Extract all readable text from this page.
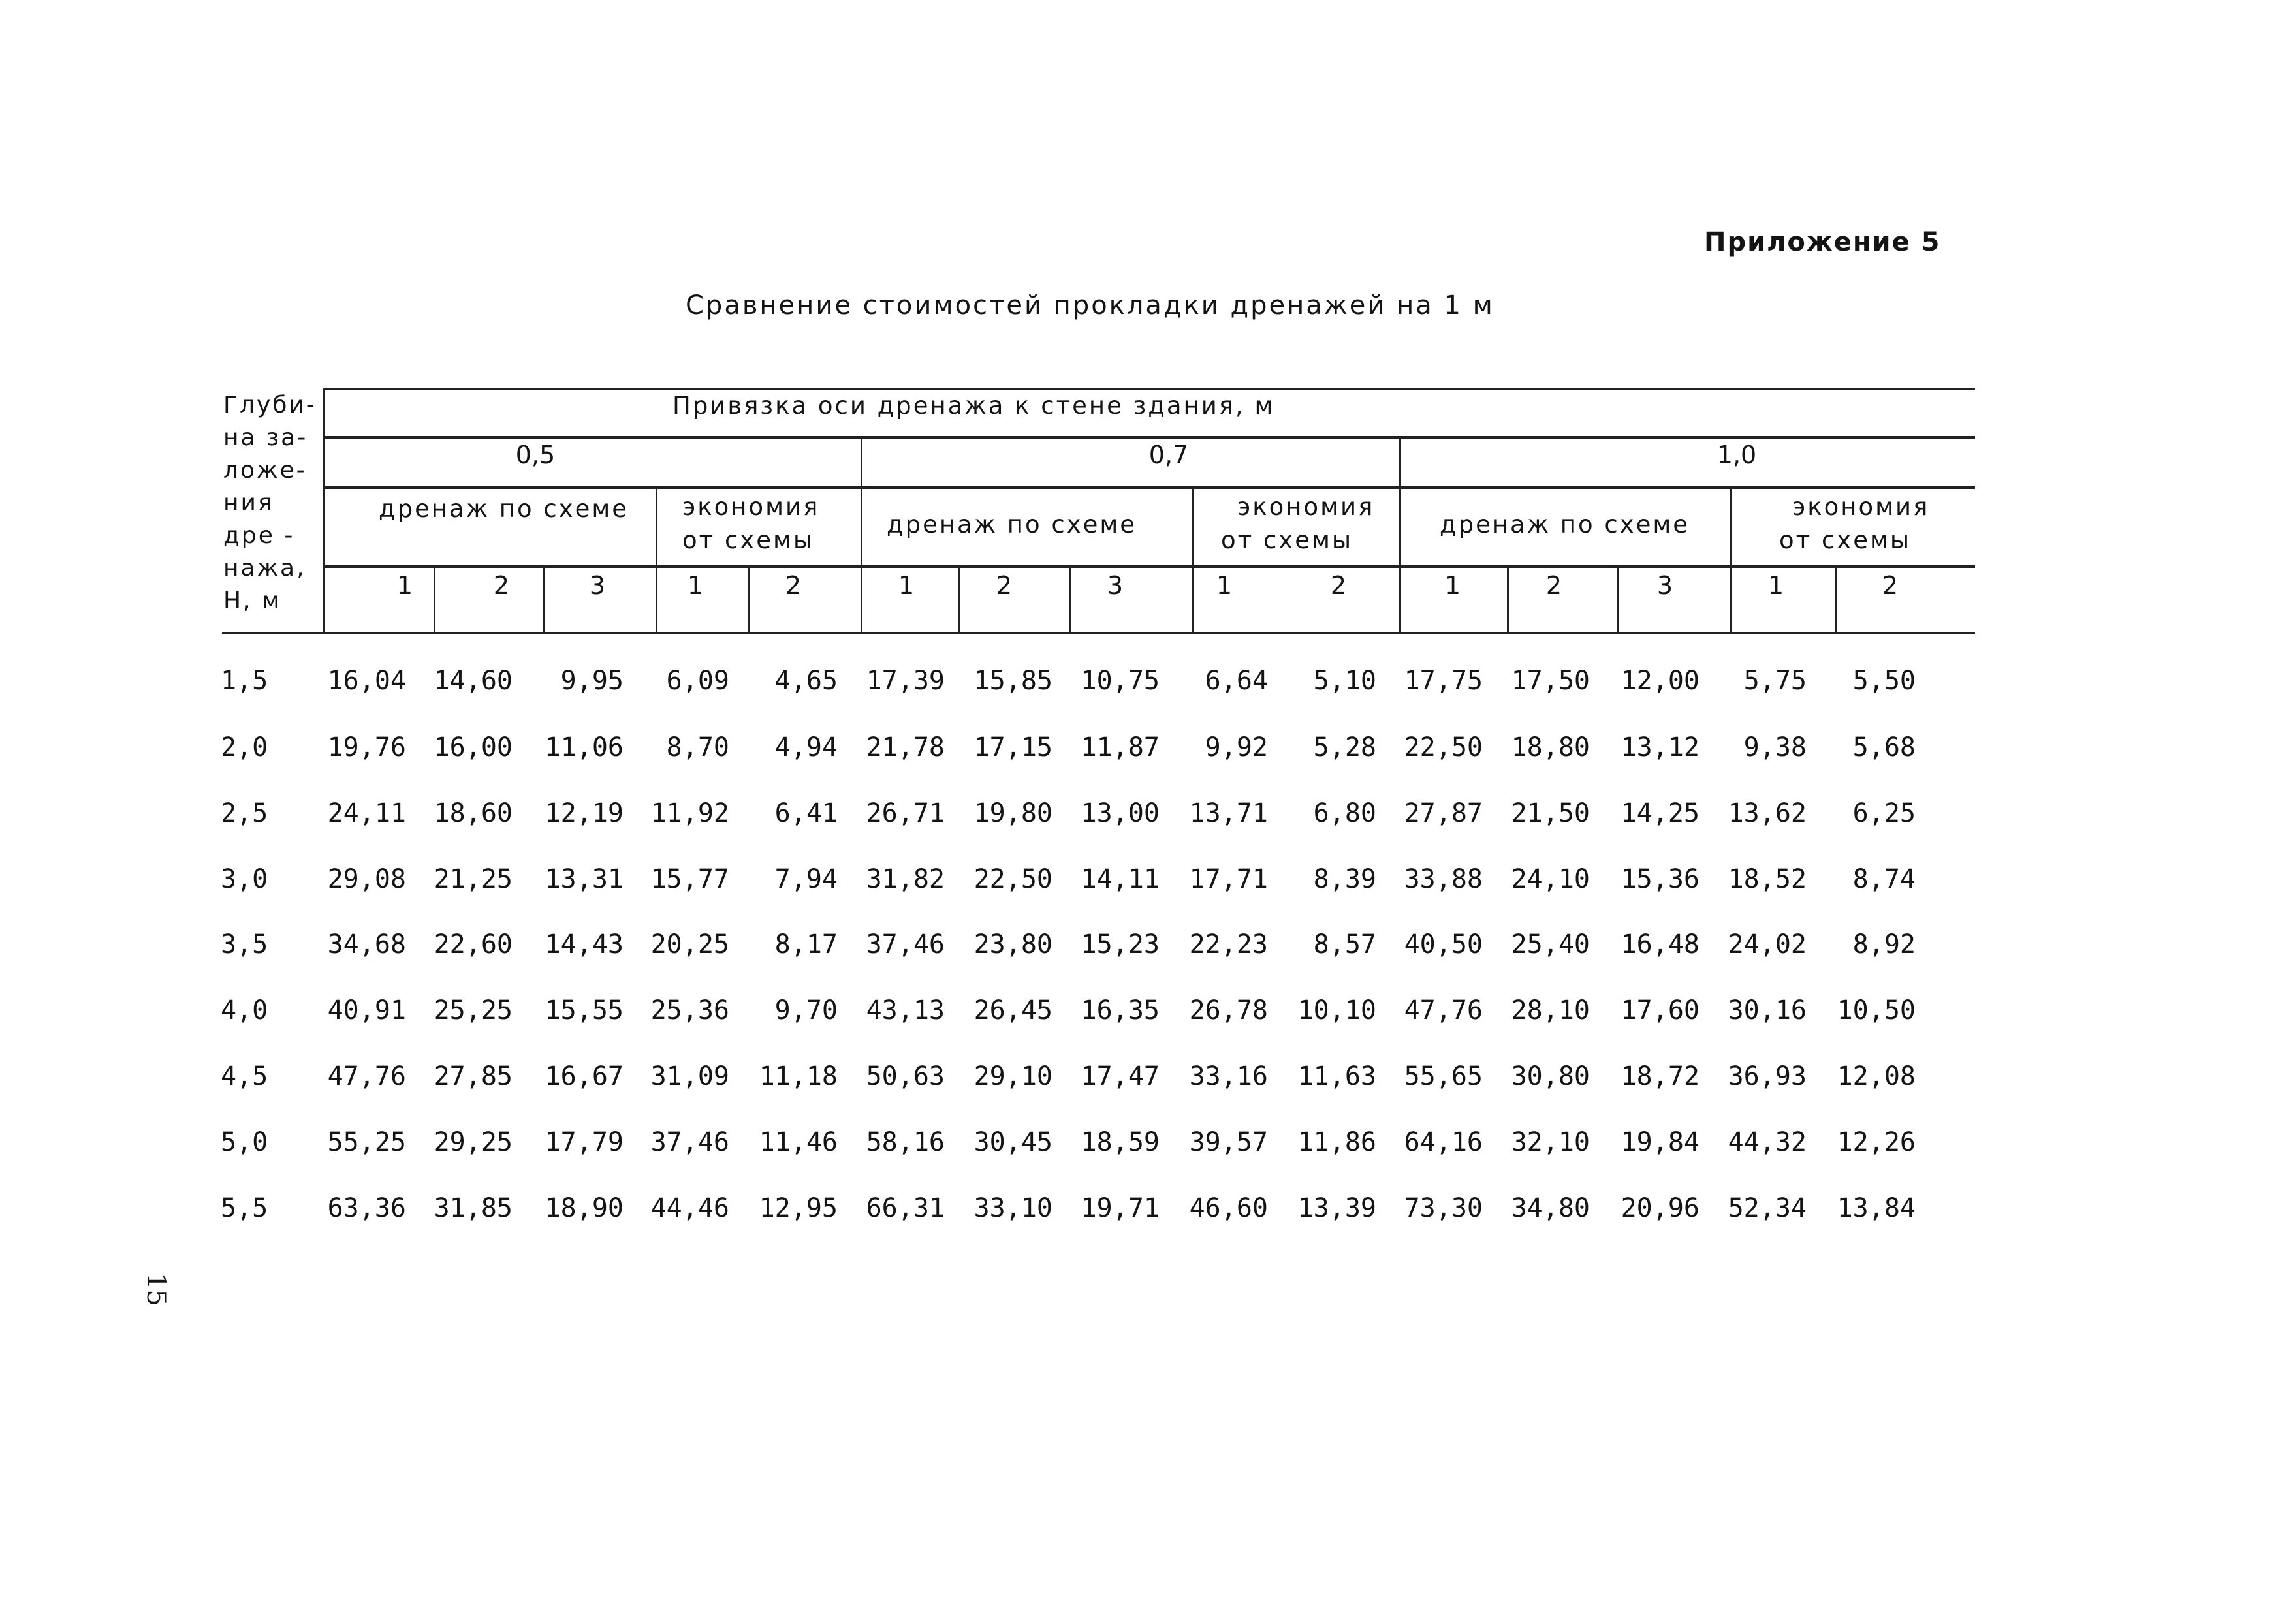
Приложение 5
Сравнение стоимостей прокладки дренажей на 1 м
15
Глуби-
на за-
ложе-
ния
дре -
нажа,
Н, м
Привязка оси дренажа к стене здания, м
0,5	0,7	1,0
дренаж по схеме экономия
от схемы
дренаж по схеме
экономия
от схемы
дренаж по схеме
экономия
от схемы
1	2	3	1	2	1	2	3	1	2	1	2	3	1	2
1,5	16,04	14,60	9,95	6,09	4,65	17,39	15,85	10,75	6,64	5,10	17,75	17,50	12,00	5,75	5,50
2,0	19,76	16,00	11,06	8,70	4,94	21,78	17,15	11,87	9,92	5,28	22,50	18,80	13,12	9,38	5,68
2,5	24,11	18,60	12,19	11,92	6,41	26,71	19,80	13,00	13,71	6,80	27,87	21,50	14,25	13,62	6,25
3,0	29,08	21,25	13,31	15,77	7,94	31,82	22,50	14,11	17,71	8,39	33,88	24,10	15,36	18,52	8,74
3,5	34,68	22,60	14,43	20,25	8,17	37,46	23,80	15,23	22,23	8,57	40,50	25,40	16,48	24,02	8,92
4,0	40,91	25,25	15,55	25,36	9,70	43,13	26,45	16,35	26,78	10,10	47,76	28,10	17,60	30,16	10,50
4,5	47,76	27,85	16,67	31,09	11,18	50,63	29,10	17,47	33,16	11,63	55,65	30,80	18,72	36,93	12,08
5,0	55,25	29,25	17,79	37,46	11,46	58,16	30,45	18,59	39,57	11,86	64,16	32,10	19,84	44,32	12,26
5,5	63,36	31,85	18,90	44,46	12,95	66,31	33,10	19,71	46,60	13,39	73,30	34,80	20,96	52,34	13,84
